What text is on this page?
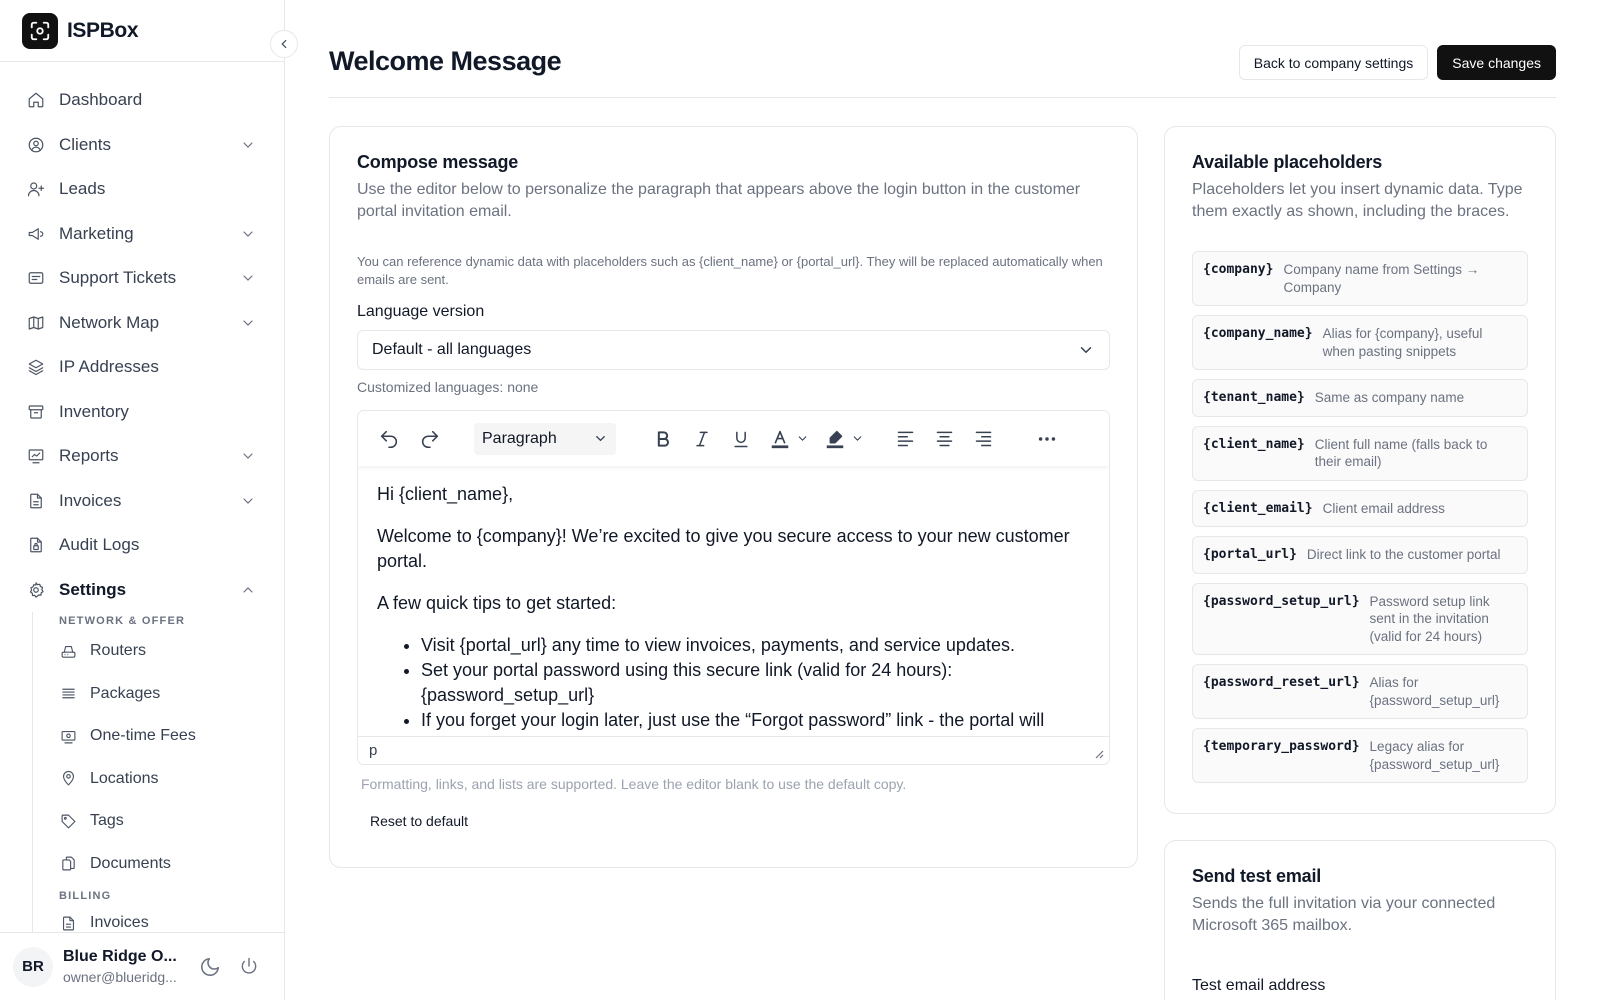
ISPBox
Dashboard
Clients
Leads
Marketing
Support Tickets
Network Map
IP Addresses
Inventory
Reports
Invoices
Audit Logs
Settings
NETWORK & OFFER
Routers
Packages
One-time Fees
Locations
Tags
Documents
BILLING
Invoices
BR
Blue Ridge O...
owner@blueridg...
Welcome Message	Back to company settings	Save changes
Compose message
Use the editor below to personalize the paragraph that appears above the login button in the customer portal invitation email.
You can reference dynamic data with placeholders such as {client_name} or {portal_url}. They will be replaced automatically when emails are sent.
Language version
Default - all languages
Customized languages: none
Paragraph

Hi {client_name},

Welcome to {company}! We’re excited to give you secure access to your new customer portal.

A few quick tips to get started:

• Visit {portal_url} any time to view invoices, payments, and service updates.
• Set your portal password using this secure link (valid for 24 hours): {password_setup_url}
• If you forget your login later, just use the “Forgot password” link - the portal will
p
Formatting, links, and lists are supported. Leave the editor blank to use the default copy.
Reset to default
Available placeholders
Placeholders let you insert dynamic data. Type them exactly as shown, including the braces.
{company} Company name from Settings → Company
{company_name} Alias for {company}, useful when pasting snippets
{tenant_name} Same as company name
{client_name} Client full name (falls back to their email)
{client_email} Client email address
{portal_url} Direct link to the customer portal
{password_setup_url} Password setup link sent in the invitation (valid for 24 hours)
{password_reset_url} Alias for {password_setup_url}
{temporary_password} Legacy alias for {password_setup_url}
Send test email
Sends the full invitation via your connected Microsoft 365 mailbox.
Test email address
